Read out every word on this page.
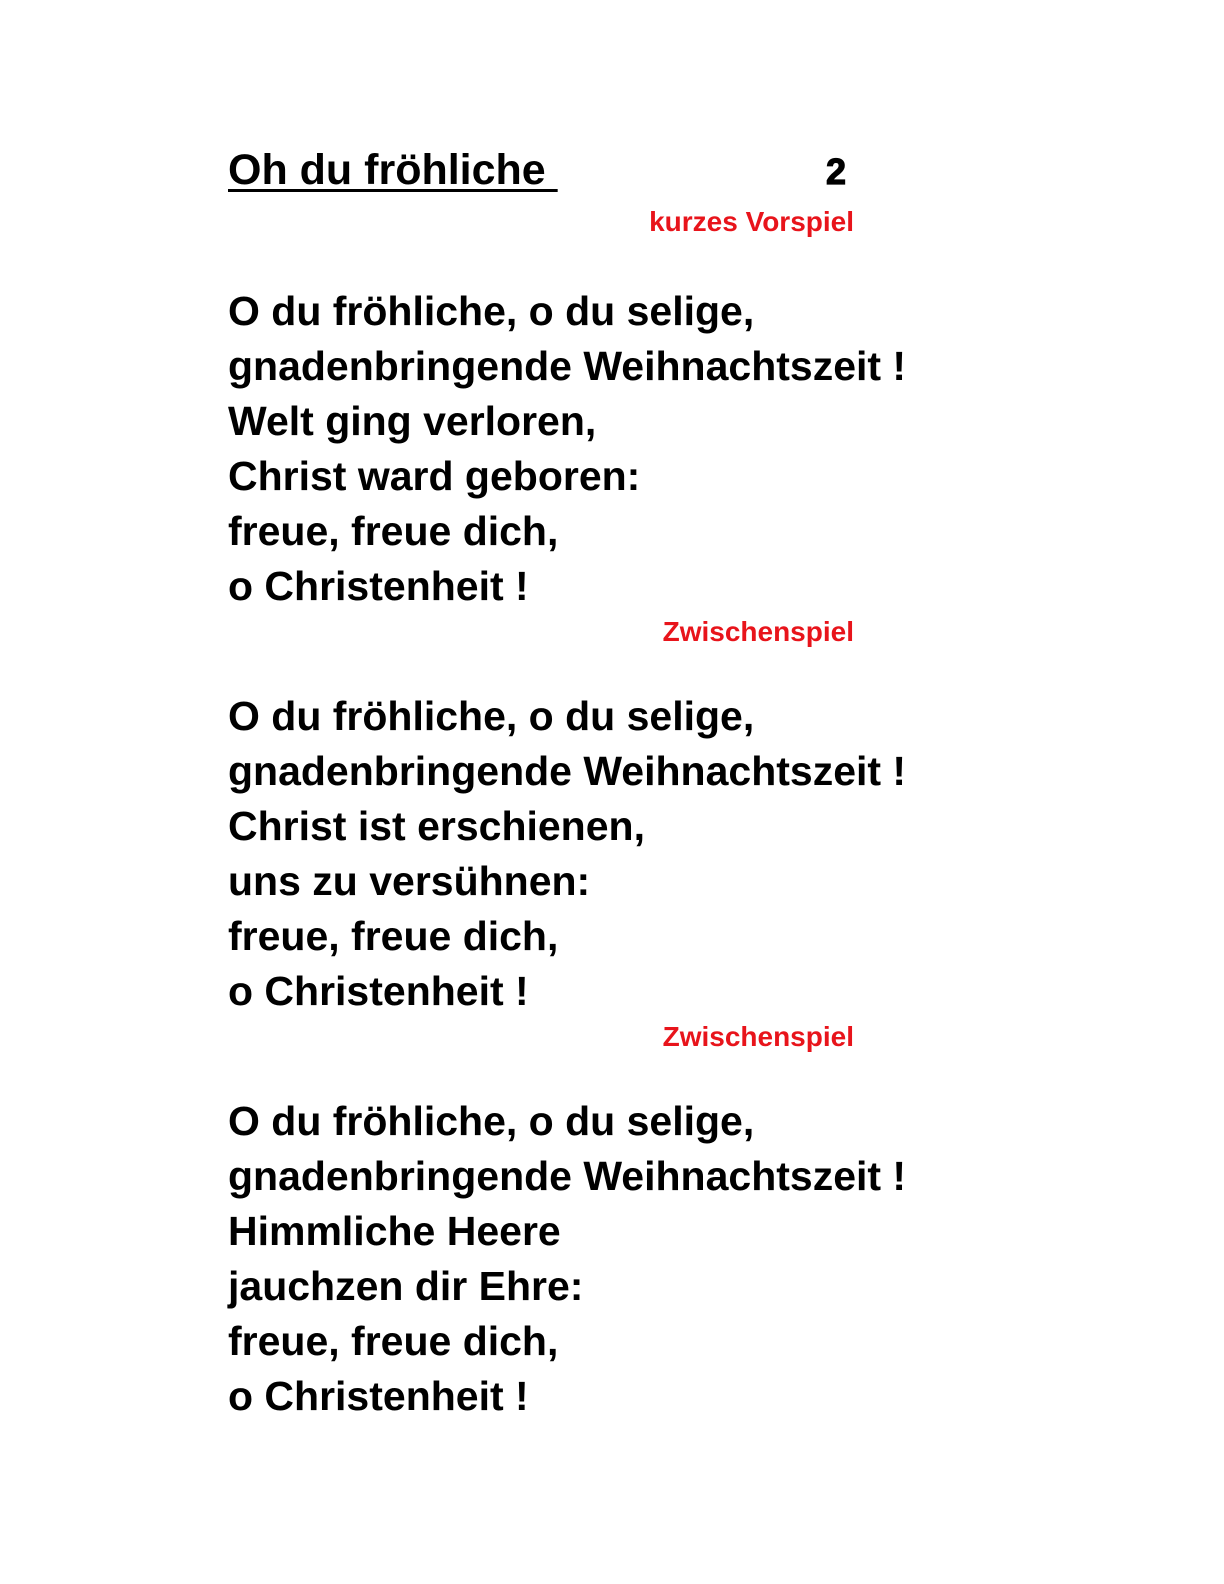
Oh du fröhliche	2
kurzes Vorspiel
O du fröhliche, o du selige,
gnadenbringende Weihnachtszeit !
Welt ging verloren,
Christ ward geboren:
freue, freue dich,
o Christenheit !
Zwischenspiel
O du fröhliche, o du selige,
gnadenbringende Weihnachtszeit !
Christ ist erschienen,
uns zu versühnen:
freue, freue dich,
o Christenheit !
Zwischenspiel
O du fröhliche, o du selige,
gnadenbringende Weihnachtszeit !
Himmliche Heere
jauchzen dir Ehre:
freue, freue dich,
o Christenheit !
